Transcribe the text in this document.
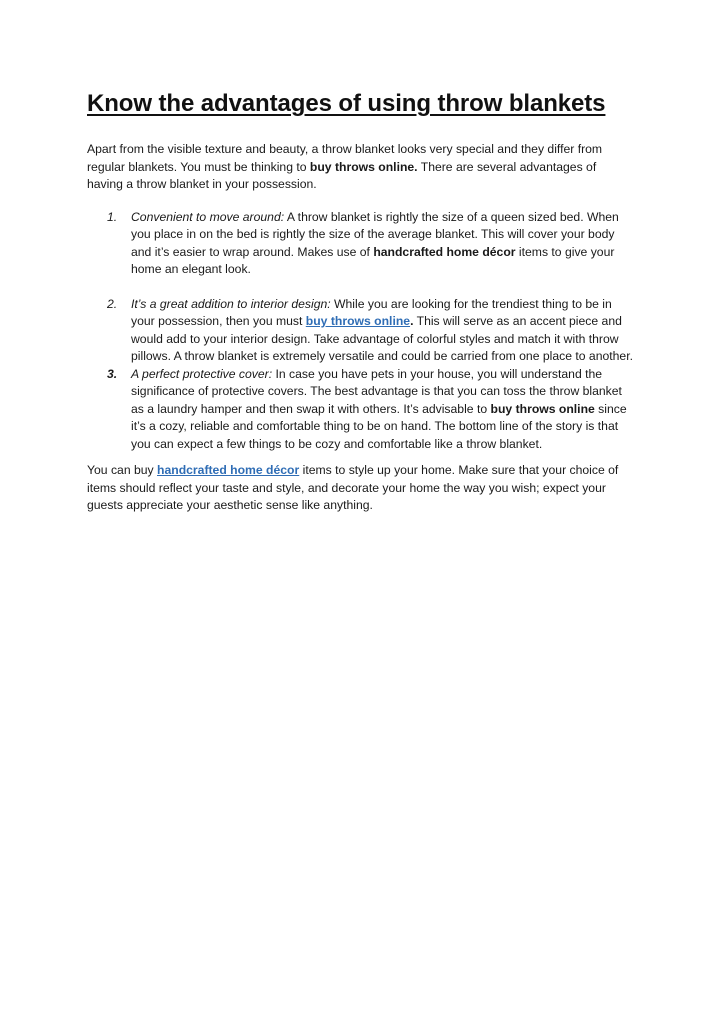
Know the advantages of using throw blankets

Apart from the visible texture and beauty, a throw blanket looks very special and they differ from regular blankets. You must be thinking to buy throws online. There are several advantages of having a throw blanket in your possession.

1. Convenient to move around: A throw blanket is rightly the size of a queen sized bed. When you place in on the bed is rightly the size of the average blanket. This will cover your body and it’s easier to wrap around. Makes use of handcrafted home décor items to give your home an elegant look.
2. It’s a great addition to interior design: While you are looking for the trendiest thing to be in your possession, then you must buy throws online. This will serve as an accent piece and would add to your interior design. Take advantage of colorful styles and match it with throw pillows. A throw blanket is extremely versatile and could be carried from one place to another.
3. A perfect protective cover: In case you have pets in your house, you will understand the significance of protective covers. The best advantage is that you can toss the throw blanket as a laundry hamper and then swap it with others. It’s advisable to buy throws online since it’s a cozy, reliable and comfortable thing to be on hand. The bottom line of the story is that you can expect a few things to be cozy and comfortable like a throw blanket.

You can buy handcrafted home décor items to style up your home. Make sure that your choice of items should reflect your taste and style, and decorate your home the way you wish; expect your guests appreciate your aesthetic sense like anything.
